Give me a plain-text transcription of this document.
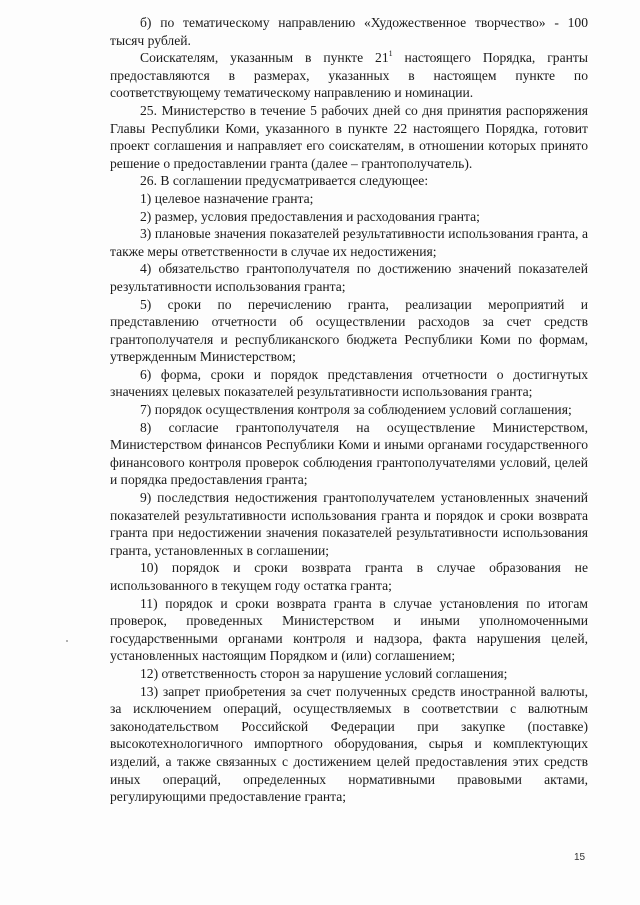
б) по тематическому направлению «Художественное творчество» - 100 тысяч рублей.

Соискателям, указанным в пункте $21^1$ настоящего Порядка, гранты предоставляются в размерах, указанных в настоящем пункте по соответствующему тематическому направлению и номинации.

25. Министерство в течение 5 рабочих дней со дня принятия распоряжения Главы Республики Коми, указанного в пункте 22 настоящего Порядка, готовит проект соглашения и направляет его соискателям, в отношении которых принято решение о предоставлении гранта (далее – грантополучатель).

26. В соглашении предусматривается следующее:

1) целевое назначение гранта;

2) размер, условия предоставления и расходования гранта;

3) плановые значения показателей результативности использования гранта, а также меры ответственности в случае их недостижения;

4) обязательство грантополучателя по достижению значений показателей результативности использования гранта;

5) сроки по перечислению гранта, реализации мероприятий и представлению отчетности об осуществлении расходов за счет средств грантополучателя и республиканского бюджета Республики Коми по формам, утвержденным Министерством;

6) форма, сроки и порядок представления отчетности о достигнутых значениях целевых показателей результативности использования гранта;

7) порядок осуществления контроля за соблюдением условий соглашения;

8) согласие грантополучателя на осуществление Министерством, Министерством финансов Республики Коми и иными органами государственного финансового контроля проверок соблюдения грантополучателями условий, целей и порядка предоставления гранта;

9) последствия недостижения грантополучателем установленных значений показателей результативности использования гранта и порядок и сроки возврата гранта при недостижении значения показателей результативности использования гранта, установленных в соглашении;

10) порядок и сроки возврата гранта в случае образования не использованного в текущем году остатка гранта;

11) порядок и сроки возврата гранта в случае установления по итогам проверок, проведенных Министерством и иными уполномоченными государственными органами контроля и надзора, факта нарушения целей, установленных настоящим Порядком и (или) соглашением;

12) ответственность сторон за нарушение условий соглашения;

13) запрет приобретения за счет полученных средств иностранной валюты, за исключением операций, осуществляемых в соответствии с валютным законодательством Российской Федерации при закупке (поставке) высокотехнологичного импортного оборудования, сырья и комплектующих изделий, а также связанных с достижением целей предоставления этих средств иных операций, определенных нормативными правовыми актами, регулирующими предоставление гранта;

15
